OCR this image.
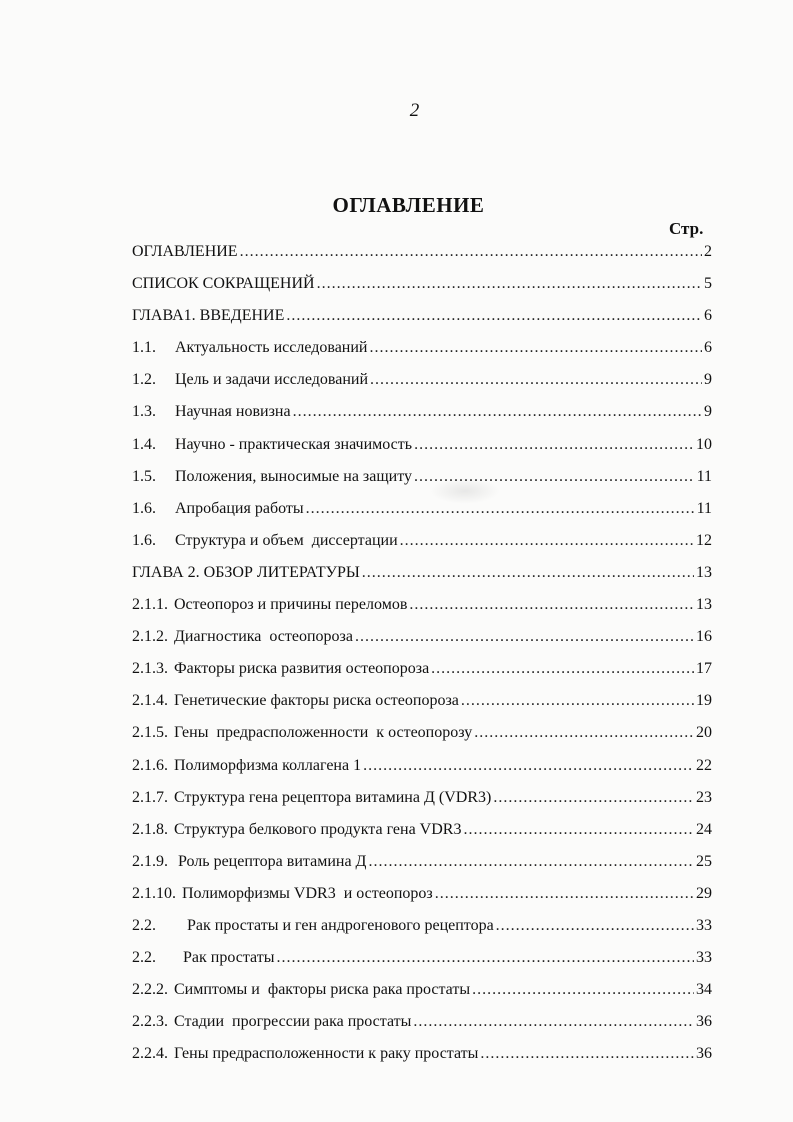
2
ОГЛАВЛЕНИЕ
Стр.
ОГЛАВЛЕНИЕ .....	2
СПИСОК СОКРАЩЕНИЙ .....	5
ГЛАВА1. ВВЕДЕНИЕ .....	6
1.1.	Актуальность исследований .....	6
1.2.	Цель и задачи исследований .....	9
1.3.	Научная новизна .....	9
1.4.	Научно - практическая значимость .....	10
1.5.	Положения, выносимые на защиту .....	11
1.6.	Апробация работы .....	11
1.6.	Структура и объем  диссертации .....	12
ГЛАВА 2. ОБЗОР ЛИТЕРАТУРЫ .....	13
2.1.1. Остеопороз и причины переломов .....	13
2.1.2. Диагностика  остеопороза .....	16
2.1.3. Факторы риска развития остеопороза .....	17
2.1.4. Генетические факторы риска остеопороза .....	19
2.1.5. Гены  предрасположенности  к остеопорозу .....	20
2.1.6. Полиморфизма коллагена 1 .....	22
2.1.7. Структура гена рецептора витамина Д (VDR3) .....	23
2.1.8. Структура белкового продукта гена VDR3 .....	24
2.1.9. Роль рецептора витамина Д .....	25
2.1.10. Полиморфизмы VDR3  и остеопороз .....	29
2.2.	Рак простаты и ген андрогенового рецептора .....	33
2.2.	Рак простаты .....	33
2.2.2. Симптомы и  факторы риска рака простаты .....	34
2.2.3. Стадии  прогрессии рака простаты .....	36
2.2.4. Гены предрасположенности к раку простаты .....	36
